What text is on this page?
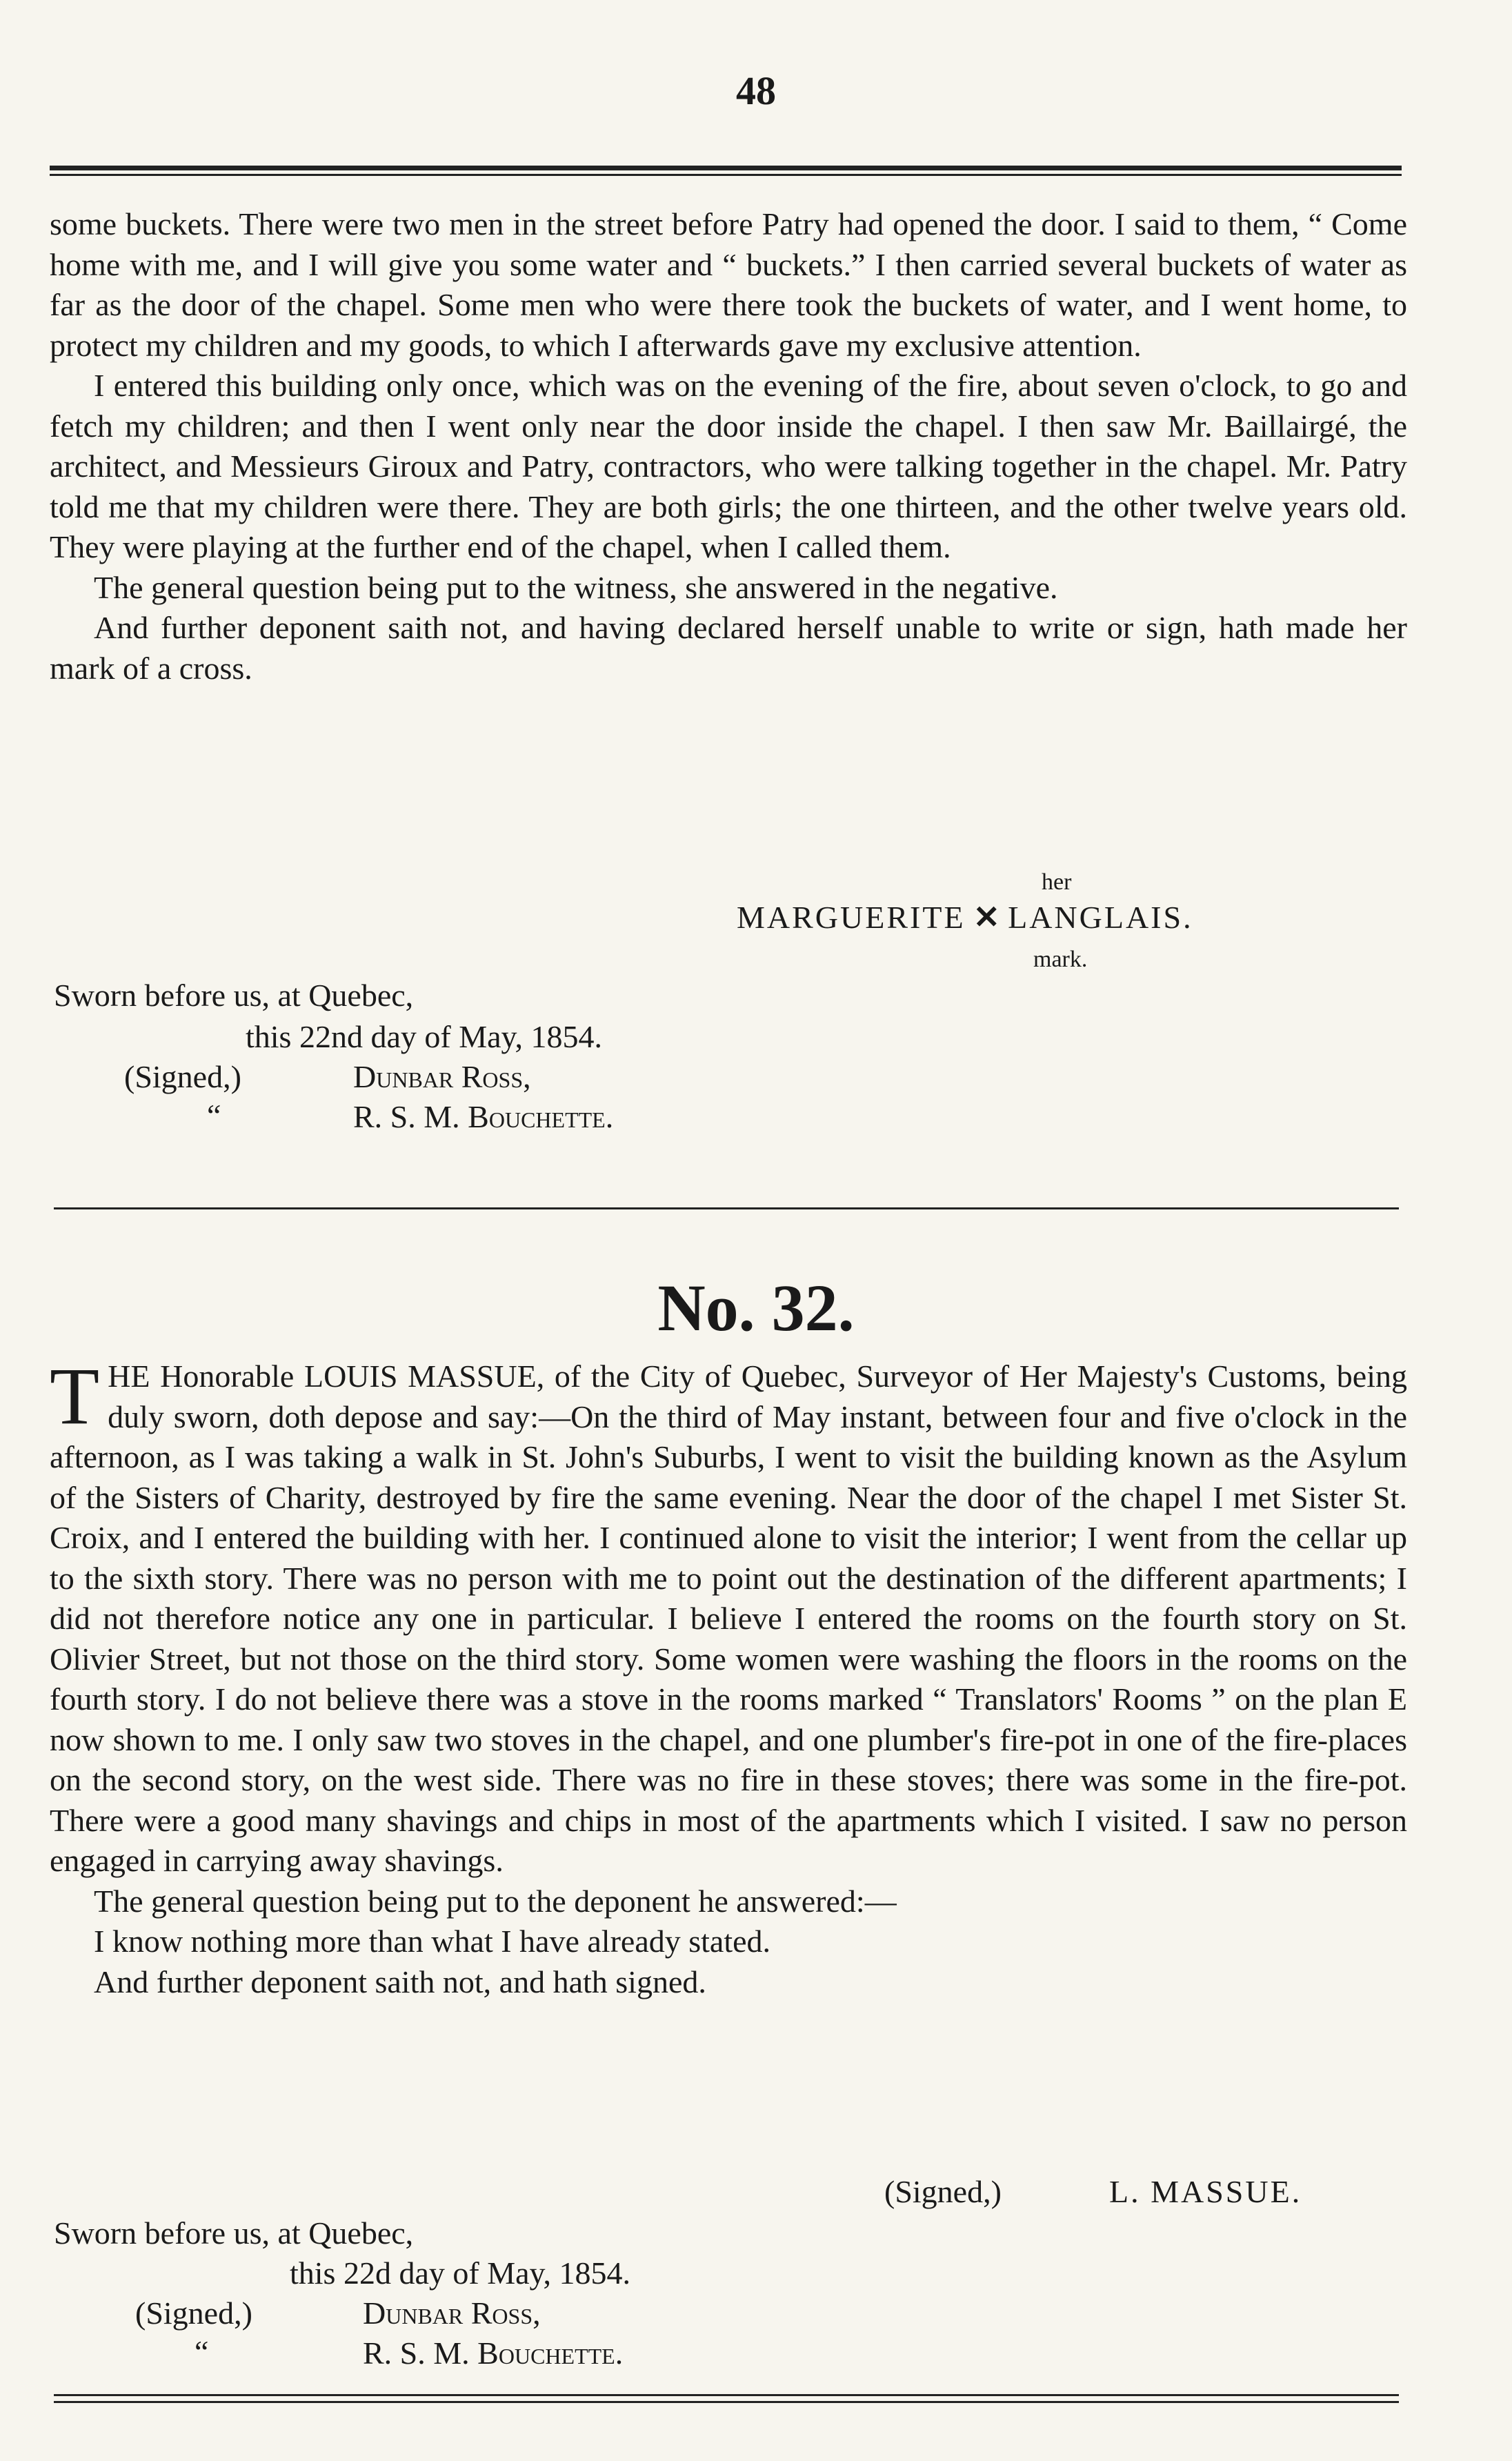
48

some buckets. There were two men in the street before Patry had opened the door. I said to them, “ Come home with me, and I will give you some water and “ buckets.” I then carried several buckets of water as far as the door of the chapel. Some men who were there took the buckets of water, and I went home, to protect my children and my goods, to which I afterwards gave my exclusive attention.

I entered this building only once, which was on the evening of the fire, about seven o'clock, to go and fetch my children; and then I went only near the door inside the chapel. I then saw Mr. Baillairgé, the architect, and Messieurs Giroux and Patry, contractors, who were talking together in the chapel. Mr. Patry told me that my children were there. They are both girls; the one thirteen, and the other twelve years old. They were playing at the further end of the chapel, when I called them.

The general question being put to the witness, she answered in the negative.

And further deponent saith not, and having declared herself unable to write or sign, hath made her mark of a cross.

her
MARGUERITE ✕ LANGLAIS.
mark.
Sworn before us, at Quebec,
this 22nd day of May, 1854.
(Signed,)	Dunbar Ross,
“	R. S. M. Bouchette.
No. 32.

THE Honorable LOUIS MASSUE, of the City of Quebec, Surveyor of Her Majesty's Customs, being duly sworn, doth depose and say:—On the third of May instant, between four and five o'clock in the afternoon, as I was taking a walk in St. John's Suburbs, I went to visit the building known as the Asylum of the Sisters of Charity, destroyed by fire the same evening. Near the door of the chapel I met Sister St. Croix, and I entered the building with her. I continued alone to visit the interior; I went from the cellar up to the sixth story. There was no person with me to point out the destination of the different apartments; I did not therefore notice any one in particular. I believe I entered the rooms on the fourth story on St. Olivier Street, but not those on the third story. Some women were washing the floors in the rooms on the fourth story. I do not believe there was a stove in the rooms marked “ Translators' Rooms ” on the plan E now shown to me. I only saw two stoves in the chapel, and one plumber's fire-pot in one of the fire-places on the second story, on the west side. There was no fire in these stoves; there was some in the fire-pot. There were a good many shavings and chips in most of the apartments which I visited. I saw no person engaged in carrying away shavings.

The general question being put to the deponent he answered:—

I know nothing more than what I have already stated.

And further deponent saith not, and hath signed.

(Signed,)	L. MASSUE.
Sworn before us, at Quebec,
this 22d day of May, 1854.
(Signed,)	Dunbar Ross,
“	R. S. M. Bouchette.
